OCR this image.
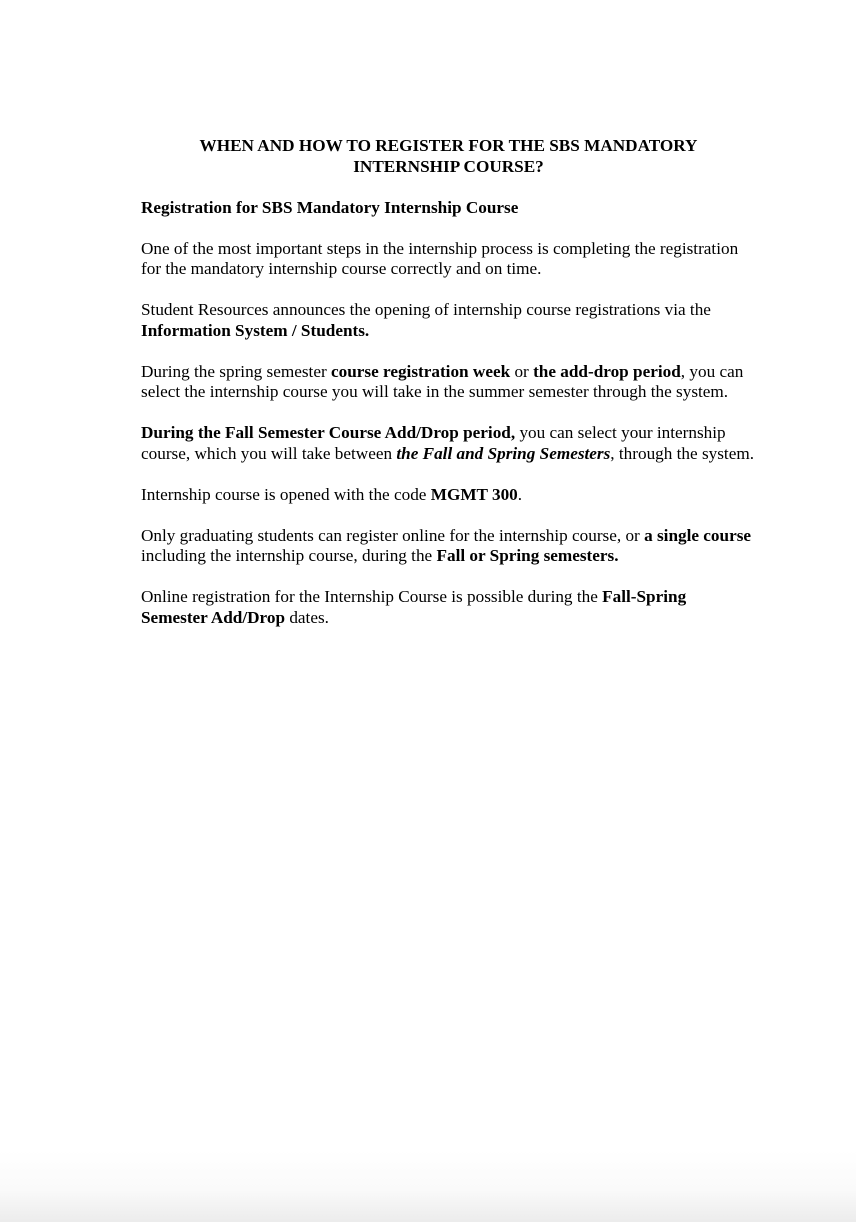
WHEN AND HOW TO REGISTER FOR THE SBS MANDATORY
INTERNSHIP COURSE?
Registration for SBS Mandatory Internship Course

One of the most important steps in the internship process is completing the registration for the mandatory internship course correctly and on time.

Student Resources announces the opening of internship course registrations via the Information System / Students.

During the spring semester course registration week or the add-drop period, you can select the internship course you will take in the summer semester through the system.

During the Fall Semester Course Add/Drop period, you can select your internship course, which you will take between the Fall and Spring Semesters, through the system.

Internship course is opened with the code MGMT 300.

Only graduating students can register online for the internship course, or a single course including the internship course, during the Fall or Spring semesters.

Online registration for the Internship Course is possible during the Fall-Spring Semester Add/Drop dates.
